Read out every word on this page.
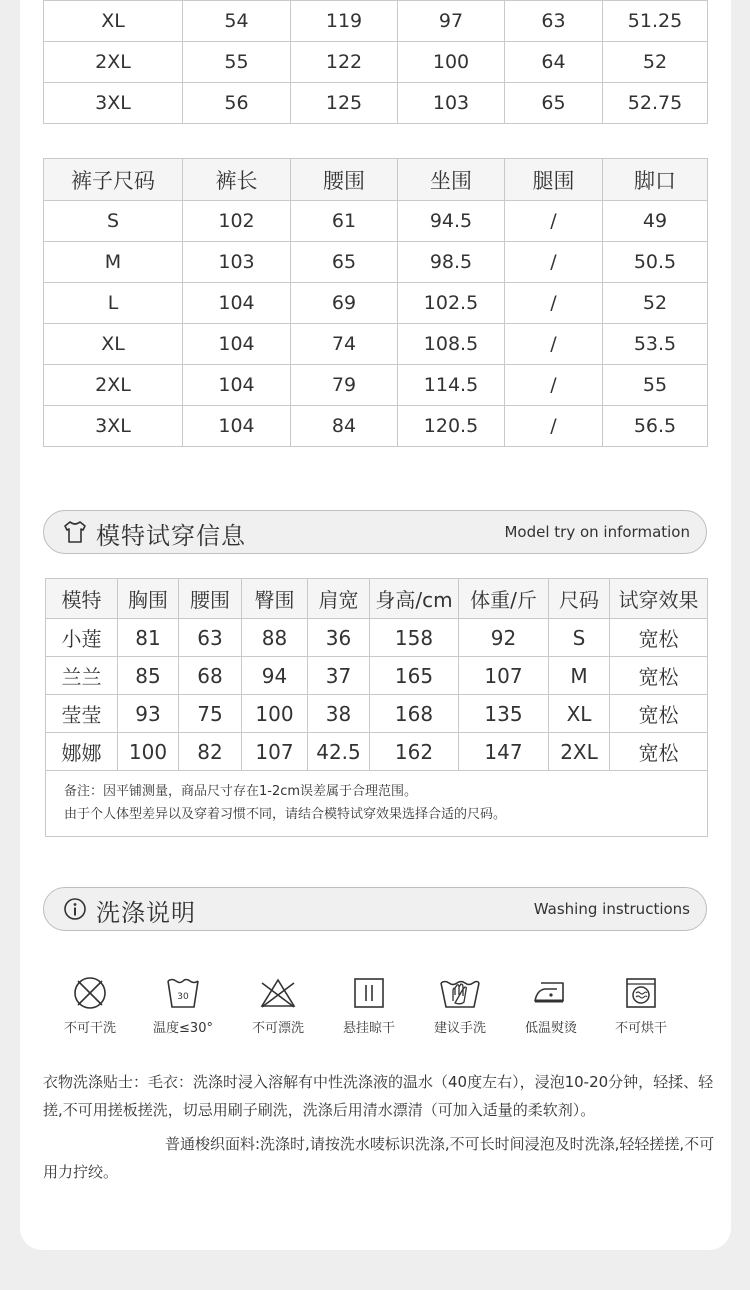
XL	54	119	97	63	51.25
2XL	55	122	100	64	52
3XL	56	125	103	65	52.75
裤子尺码	裤长	腰围	坐围	腿围	脚口
S	102	61	94.5	/	49
M	103	65	98.5	/	50.5
L	104	69	102.5	/	52
XL	104	74	108.5	/	53.5
2XL	104	79	114.5	/	55
3XL	104	84	120.5	/	56.5
模特试穿信息	Model try on information
模特	胸围	腰围	臀围	肩宽	身高/cm	体重/斤	尺码	试穿效果
小莲	81	63	88	36	158	92	S	宽松
兰兰	85	68	94	37	165	107	M	宽松
莹莹	93	75	100	38	168	135	XL	宽松
娜娜	100	82	107	42.5	162	147	2XL	宽松

备注：因平铺测量，商品尺寸存在1-2cm误差属于合理范围。
由于个人体型差异以及穿着习惯不同，请结合模特试穿效果选择合适的尺码。								
洗涤说明	Washing instructions
不可干洗
30
温度≤30°	不可漂洗	悬挂晾干	建议手洗	低温熨烫	不可烘干

衣物洗涤贴士：毛衣：洗涤时浸入溶解有中性洗涤液的温水（40度左右），浸泡10-20分钟，轻揉、轻搓,不可用搓板搓洗，切忌用刷子刷洗，洗涤后用清水漂清（可加入适量的柔软剂）。

普通梭织面料:洗涤时,请按洗水唛标识洗涤,不可长时间浸泡及时洗涤,轻轻搓搓,不可用力拧绞。
